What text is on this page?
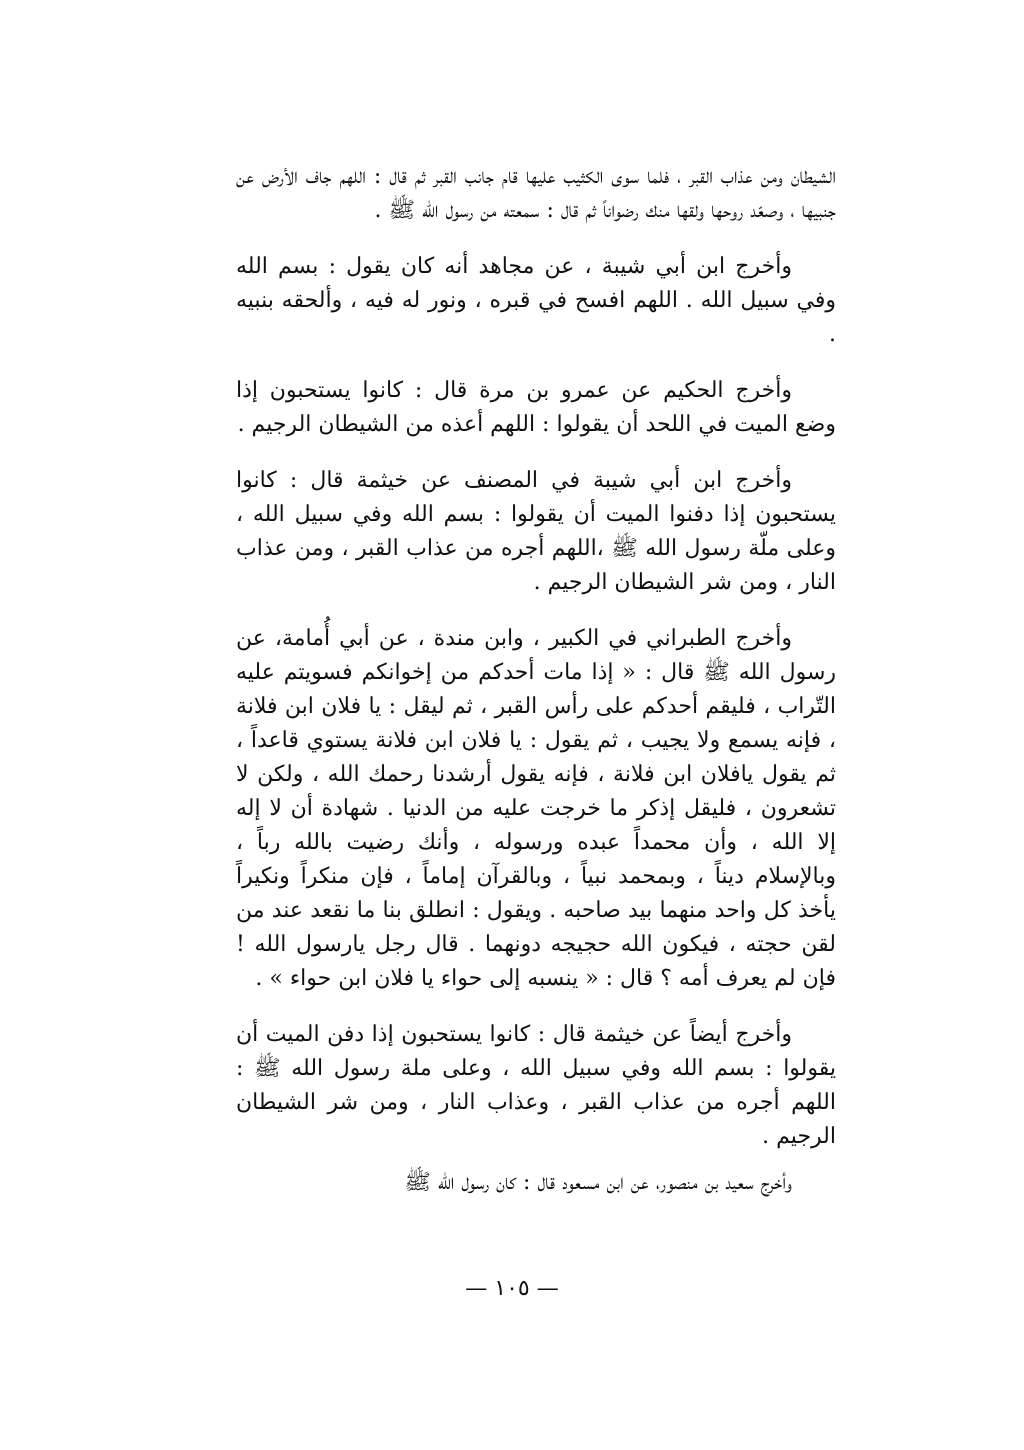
الشيطان ومن عذاب القبر ، فلما سوى الكثيب عليها قام جانب القبر ثم قال : اللهم جاف الأرض عن جنبيها ، وصعّد روحها ولقها منك رضواناً ثم قال : سمعته من رسول الله ﷺ .

وأخرج ابن أبي شيبة ، عن مجاهد أنه كان يقول : بسم الله وفي سبيل الله . اللهم افسح في قبره ، ونور له فيه ، وألحقه بنبيه .

وأخرج الحكيم عن عمرو بن مرة قال : كانوا يستحبون إذا وضع الميت في اللحد أن يقولوا : اللهم أعذه من الشيطان الرجيم .

وأخرج ابن أبي شيبة في المصنف عن خيثمة قال : كانوا يستحبون إذا دفنوا الميت أن يقولوا : بسم الله وفي سبيل الله ، وعلى ملّة رسول الله ﷺ ،اللهم أجره من عذاب القبر ، ومن عذاب النار ، ومن شر الشيطان الرجيم .

وأخرج الطبراني في الكبير ، وابن مندة ، عن أبي أُمامة، عن رسول الله ﷺ قال : « إذا مات أحدكم من إخوانكم فسويتم عليه التّراب ، فليقم أحدكم على رأس القبر ، ثم ليقل : يا فلان ابن فلانة ، فإنه يسمع ولا يجيب ، ثم يقول : يا فلان ابن فلانة يستوي قاعداً ، ثم يقول يافلان ابن فلانة ، فإنه يقول أرشدنا رحمك الله ، ولكن لا تشعرون ، فليقل إذكر ما خرجت عليه من الدنيا . شهادة أن لا إله إلا الله ، وأن محمداً عبده ورسوله ، وأنك رضيت بالله رباً ، وبالإسلام ديناً ، وبمحمد نبياً ، وبالقرآن إماماً ، فإن منكراً ونكيراً يأخذ كل واحد منهما بيد صاحبه . ويقول : انطلق بنا ما نقعد عند من لقن حجته ، فيكون الله حجيجه دونهما . قال رجل يارسول الله ! فإن لم يعرف أمه ؟ قال : « ينسبه إلى حواء يا فلان ابن حواء » .

وأخرج أيضاً عن خيثمة قال : كانوا يستحبون إذا دفن الميت أن يقولوا : بسم الله وفي سبيل الله ، وعلى ملة رسول الله ﷺ : اللهم أجره من عذاب القبر ، وعذاب النار ، ومن شر الشيطان الرجيم .

وأخرج سعيد بن منصور، عن ابن مسعود قال : كان رسول الله ﷺ

— ١٠٥ —
